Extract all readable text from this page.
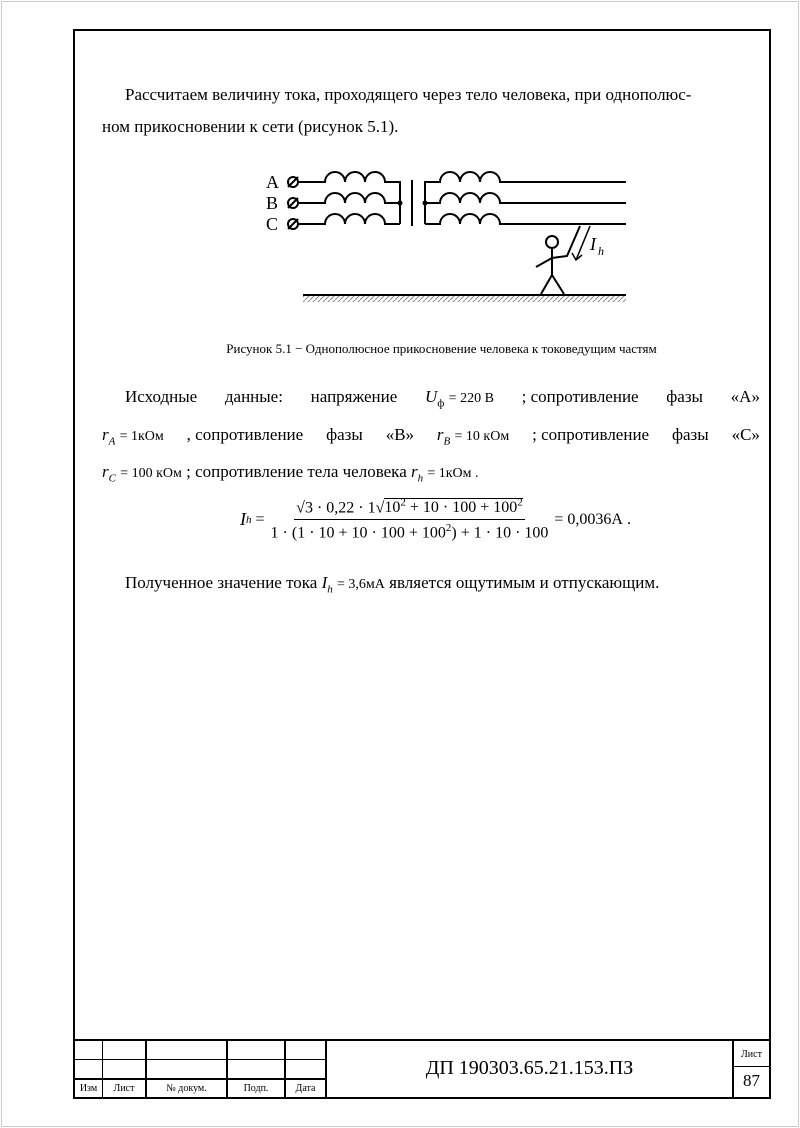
Рассчитаем величину тока, проходящего через тело человека, при однополюс-
ном прикосновении к сети (рисунок 5.1).
A
B
C
I h
Рисунок 5.1 − Однополюсное прикосновение человека к токоведущим частям
Исходные данные: напряжение $U_ф = 220$ В ; сопротивление фазы «А»
$r_A = 1кОм$ , сопротивление фазы «В» $r_B = 10$ кОм ; сопротивление фазы «С»
$r_C = 100$ кОм ; сопротивление тела человека $r_h = 1кОм$ .
I $h = \frac{√3 \cdot 0,22 \cdot 1√10^2 + 10 \cdot 100 + 100^2}{1 \cdot (1 \cdot 10 + 10 \cdot 100 + 100^2) + 1 \cdot 10 \cdot 100} = 0,0036А$ .
Полученное значение тока $I_h = 3,6мА$ является ощутимым и отпускающим.
Изм	Лист	№ докум.	Подп.	Дата
ДП 190303.65.21.153.ПЗ
Лист
87
